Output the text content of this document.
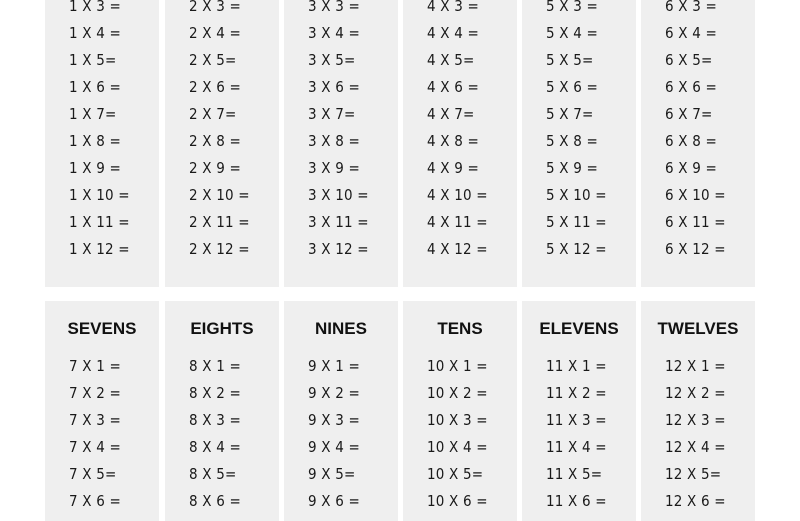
1 X 3 =
1 X 4 =
1 X 5=
1 X 6 =
1 X 7=
1 X 8 =
1 X 9 =
1 X 10 =
1 X 11 =
1 X 12 =
2 X 3 =
2 X 4 =
2 X 5=
2 X 6 =
2 X 7=
2 X 8 =
2 X 9 =
2 X 10 =
2 X 11 =
2 X 12 =
3 X 3 =
3 X 4 =
3 X 5=
3 X 6 =
3 X 7=
3 X 8 =
3 X 9 =
3 X 10 =
3 X 11 =
3 X 12 =
4 X 3 =
4 X 4 =
4 X 5=
4 X 6 =
4 X 7=
4 X 8 =
4 X 9 =
4 X 10 =
4 X 11 =
4 X 12 =
5 X 3 =
5 X 4 =
5 X 5=
5 X 6 =
5 X 7=
5 X 8 =
5 X 9 =
5 X 10 =
5 X 11 =
5 X 12 =
6 X 3 =
6 X 4 =
6 X 5=
6 X 6 =
6 X 7=
6 X 8 =
6 X 9 =
6 X 10 =
6 X 11 =
6 X 12 =
SEVENS
7 X 1 =
7 X 2 =
7 X 3 =
7 X 4 =
7 X 5=
7 X 6 =
EIGHTS
8 X 1 =
8 X 2 =
8 X 3 =
8 X 4 =
8 X 5=
8 X 6 =
NINES
9 X 1 =
9 X 2 =
9 X 3 =
9 X 4 =
9 X 5=
9 X 6 =
TENS
10 X 1 =
10 X 2 =
10 X 3 =
10 X 4 =
10 X 5=
10 X 6 =
ELEVENS
11 X 1 =
11 X 2 =
11 X 3 =
11 X 4 =
11 X 5=
11 X 6 =
TWELVES
12 X 1 =
12 X 2 =
12 X 3 =
12 X 4 =
12 X 5=
12 X 6 =
